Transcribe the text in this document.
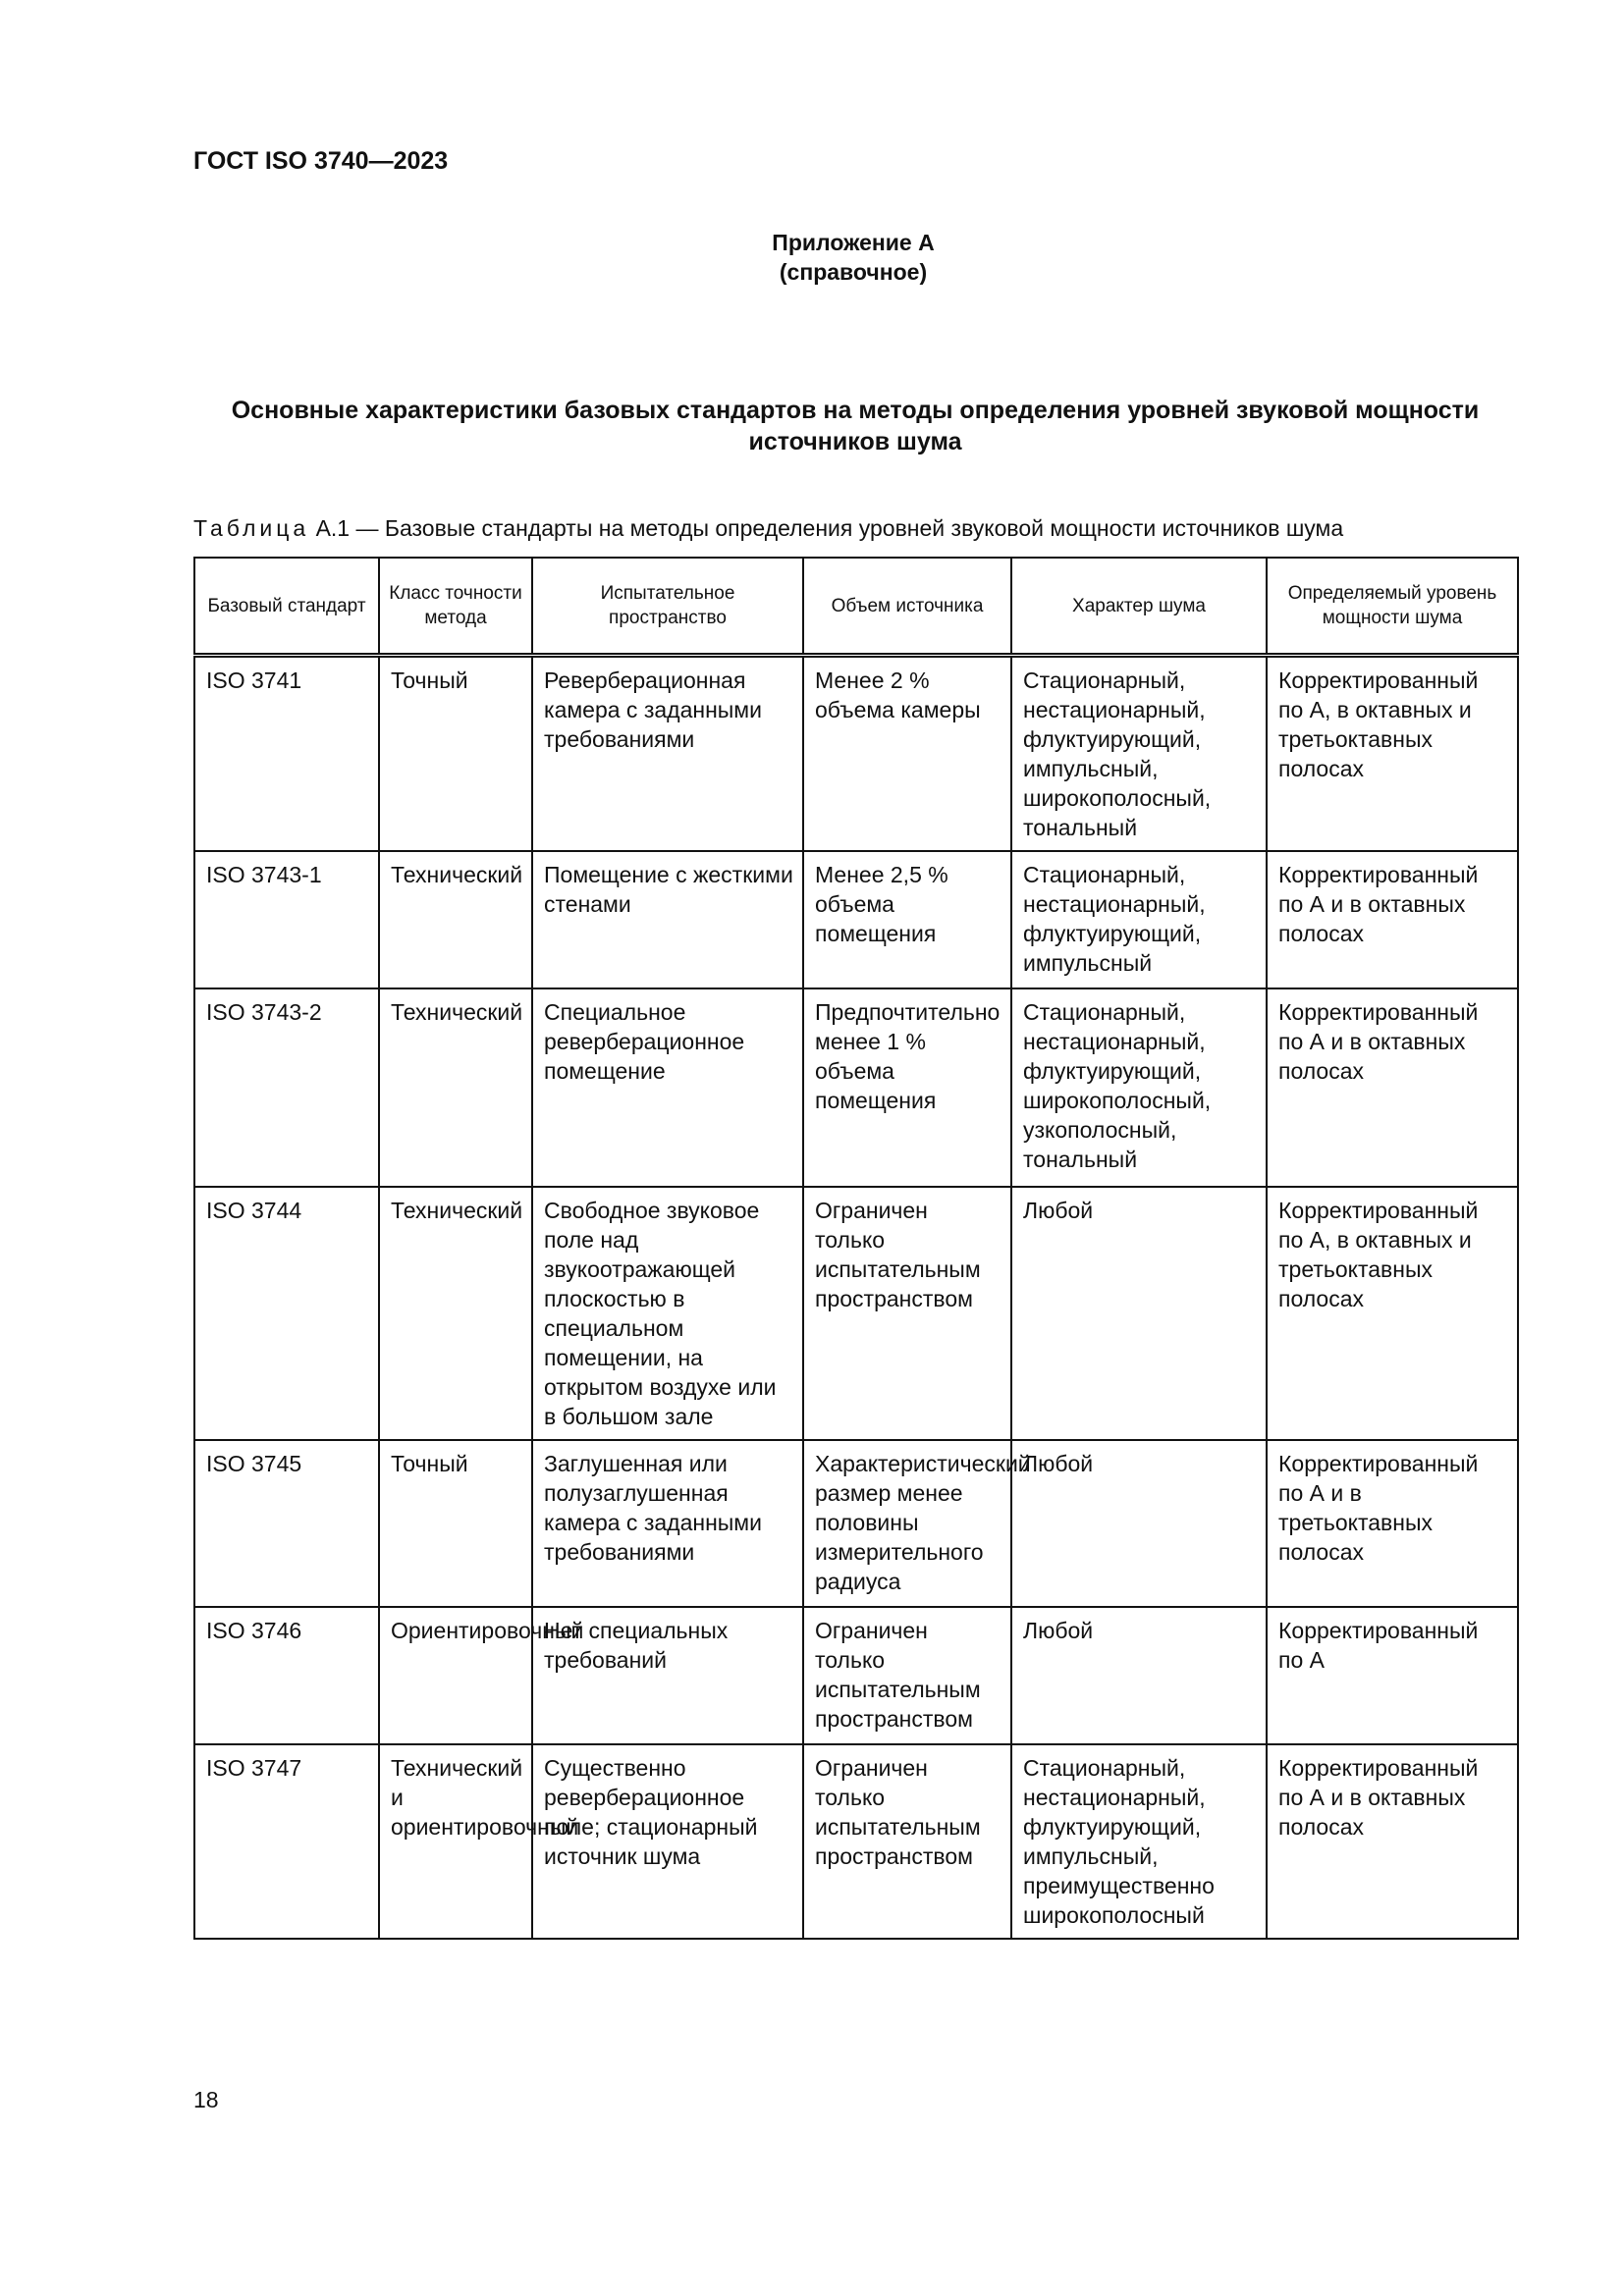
ГОСТ ISO 3740—2023
Приложение А
(справочное)
Основные характеристики базовых стандартов на методы определения уровней звуковой мощности источников шума
Таблица А.1 — Базовые стандарты на методы определения уровней звуковой мощности источников шума
Базовый стандарт	Класс точности метода	Испытательное пространство	Объем источника	Характер шума	Определяемый уровень мощности шума
ISO 3741	Точный	Реверберационная камера с заданными требованиями	Менее 2 % объема камеры	Стационарный, нестационарный, флуктуирующий, импульсный, широкополосный, тональный	Корректированный по А, в октавных и третьоктавных полосах
ISO 3743-1	Технический	Помещение с жесткими стенами	Менее 2,5 % объема помещения	Стационарный, нестационарный, флуктуирующий, импульсный	Корректированный по А и в октавных полосах
ISO 3743-2	Технический	Специальное реверберационное помещение	Предпочтительно менее 1 % объема помещения	Стационарный, нестационарный, флуктуирующий, широкополосный, узкополосный, тональный	Корректированный по А и в октавных полосах
ISO 3744	Технический	Свободное звуковое поле над звукоотражающей плоскостью в специальном помещении, на открытом воздухе или в большом зале	Ограничен только испытательным пространством	Любой	Корректированный по А, в октавных и третьоктавных полосах
ISO 3745	Точный	Заглушенная или полузаглушенная камера с заданными требованиями	Характеристический размер менее половины измерительного радиуса	Любой	Корректированный по А и в третьоктавных полосах
ISO 3746	Ориентировочный	Нет специальных требований	Ограничен только испытательным пространством	Любой	Корректированный по А
ISO 3747	Технический и ориентировочный	Существенно реверберационное поле; стационарный источник шума	Ограничен только испытательным пространством	Стационарный, нестационарный, флуктуирующий, импульсный, преимущественно широкополосный	Корректированный по А и в октавных полосах
18
